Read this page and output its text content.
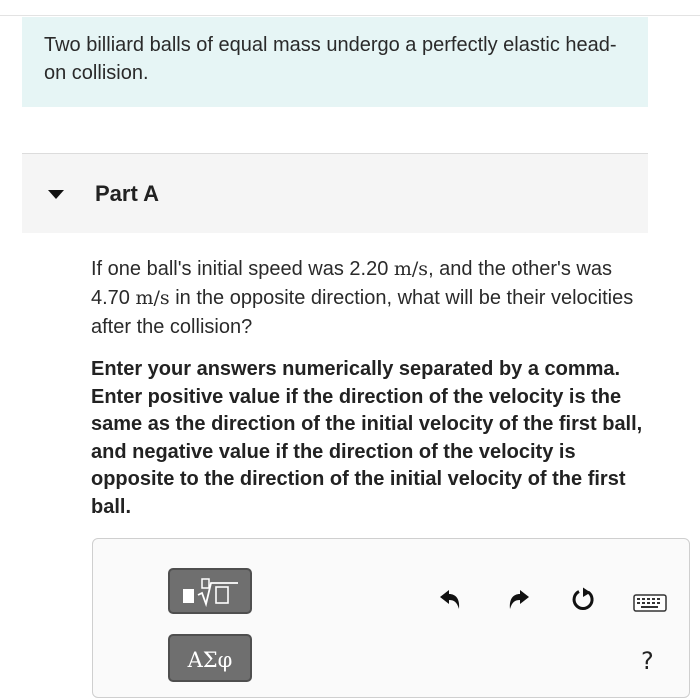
Two billiard balls of equal mass undergo a perfectly elastic head-on collision.
Part A
If one ball's initial speed was 2.20 m/s, and the other's was 4.70 m/s in the opposite direction, what will be their velocities after the collision?
Enter your answers numerically separated by a comma. Enter positive value if the direction of the velocity is the same as the direction of the initial velocity of the first ball, and negative value if the direction of the velocity is opposite to the direction of the initial velocity of the first ball.
ΑΣφ	?
